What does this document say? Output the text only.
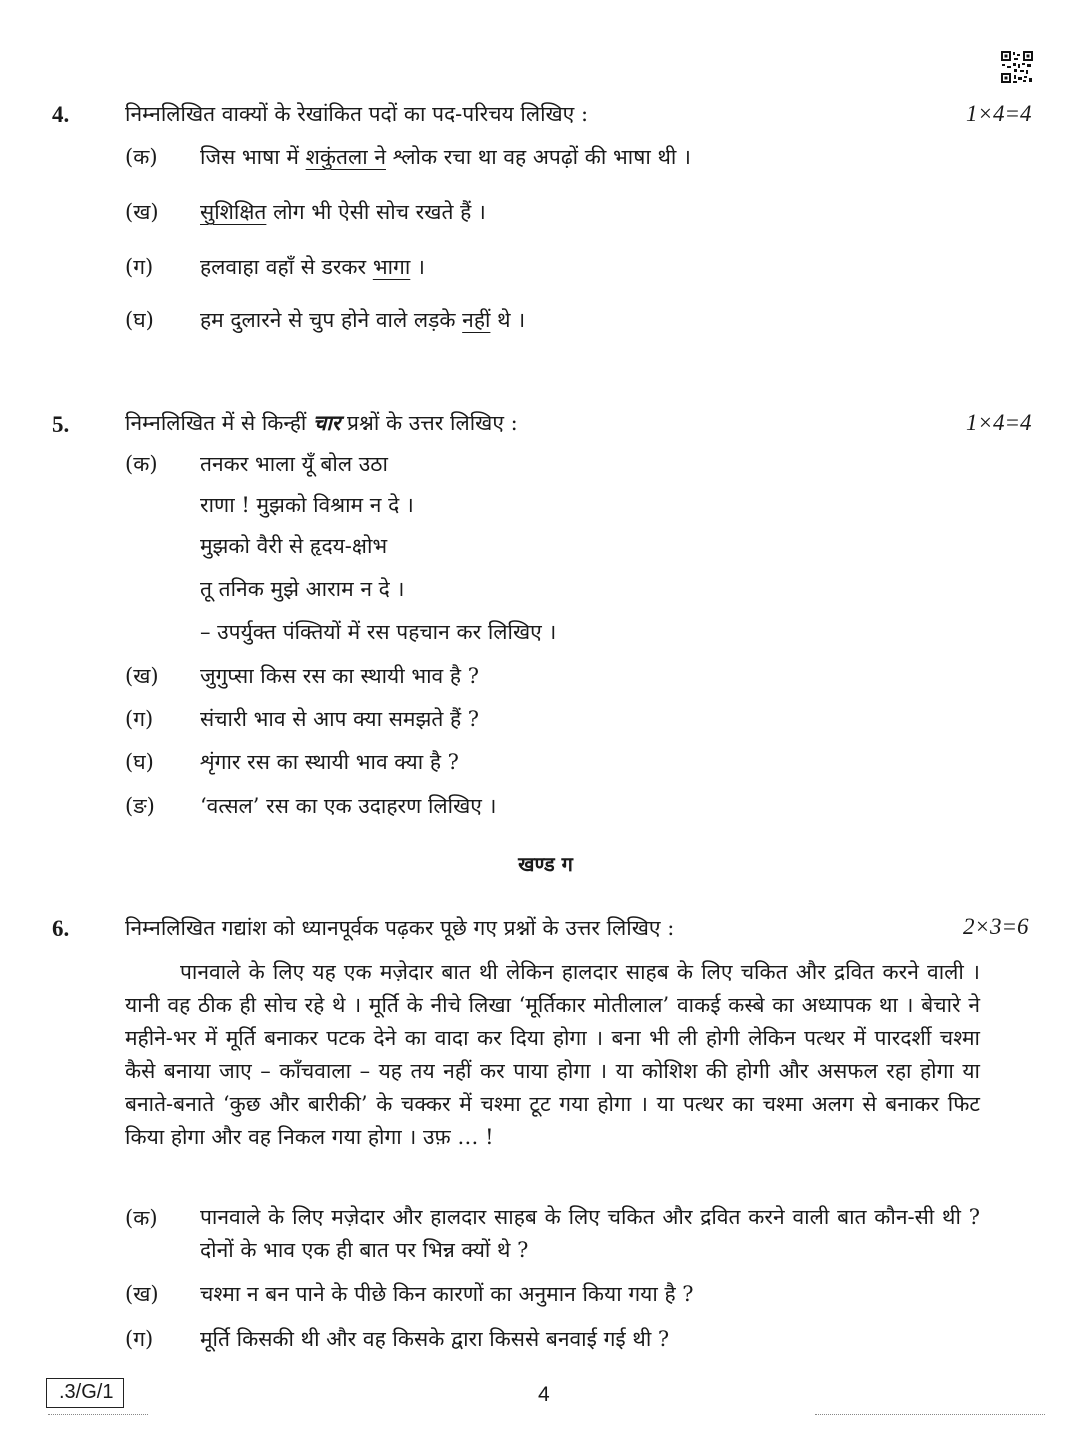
4.	निम्नलिखित वाक्यों के रेखांकित पदों का पद-परिचय लिखिए :	1×4=4
(क) जिस भाषा में शकुंतला ने श्लोक रचा था वह अपढ़ों की भाषा थी ।
(ख) सुशिक्षित लोग भी ऐसी सोच रखते हैं ।
(ग) हलवाहा वहाँ से डरकर भागा ।
(घ) हम दुलारने से चुप होने वाले लड़के नहीं थे ।
5.	निम्नलिखित में से किन्हीं चार प्रश्नों के उत्तर लिखिए :	1×4=4
(क) तनकर भाला यूँ बोल उठा
राणा ! मुझको विश्राम न दे ।
मुझको वैरी से हृदय-क्षोभ
तू तनिक मुझे आराम न दे ।
– उपर्युक्त पंक्तियों में रस पहचान कर लिखिए ।
(ख) जुगुप्सा किस रस का स्थायी भाव है ?
(ग) संचारी भाव से आप क्या समझते हैं ?
(घ) शृंगार रस का स्थायी भाव क्या है ?
(ङ) ‘वत्सल’ रस का एक उदाहरण लिखिए ।
खण्ड ग
6.	निम्नलिखित गद्यांश को ध्यानपूर्वक पढ़कर पूछे गए प्रश्नों के उत्तर लिखिए :	2×3=6
पानवाले के लिए यह एक मज़ेदार बात थी लेकिन हालदार साहब के लिए चकित और द्रवित करने वाली । यानी वह ठीक ही सोच रहे थे । मूर्ति के नीचे लिखा ‘मूर्तिकार मोतीलाल’ वाकई कस्बे का अध्यापक था । बेचारे ने महीने-भर में मूर्ति बनाकर पटक देने का वादा कर दिया होगा । बना भी ली होगी लेकिन पत्थर में पारदर्शी चश्मा कैसे बनाया जाए – काँचवाला – यह तय नहीं कर पाया होगा । या कोशिश की होगी और असफल रहा होगा या बनाते-बनाते ‘कुछ और बारीकी’ के चक्कर में चश्मा टूट गया होगा । या पत्थर का चश्मा अलग से बनाकर फिट किया होगा और वह निकल गया होगा । उफ़ … !
(क) पानवाले के लिए मज़ेदार और हालदार साहब के लिए चकित और द्रवित करने वाली बात कौन-सी थी ? दोनों के भाव एक ही बात पर भिन्न क्यों थे ?
(ख) चश्मा न बन पाने के पीछे किन कारणों का अनुमान किया गया है ?
(ग) मूर्ति किसकी थी और वह किसके द्वारा किससे बनवाई गई थी ?
.3/G/1	4
